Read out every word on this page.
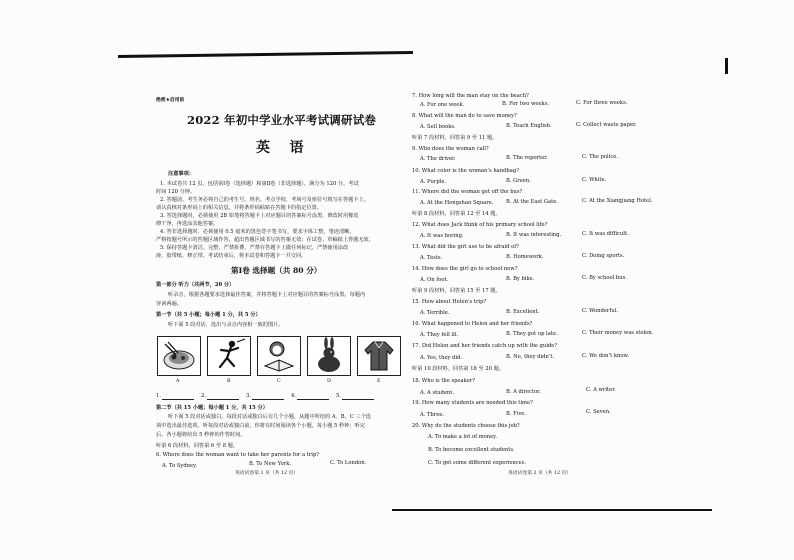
绝密★启用前
2022 年初中学业水平考试调研试卷
英    语
注意事项：
1. 本试卷共 12 页，包括第Ⅰ卷（选择题）和第Ⅱ卷（非选择题），满分为 120 分。考试
时间 120 分钟。
2. 答题前，考生务必将自己的考生号、姓名、考点学校、考场号及座位号填写在答题卡上。
请认真核对条形码上的相关信息，并将条形码粘贴在答题卡的指定位置。
3. 答选择题时，必须使用 2B 铅笔将答题卡上对应题目的答案标号涂黑，修改时用橡皮
擦干净，再选涂其他答案。
4. 答非选择题时，必须使用 0.5 毫米的黑色签字笔书写，要求字体工整，笔迹清晰。
严格按题号所示的答题区域作答，超出答题区域书写的答案无效；在试卷、草稿纸上答题无效。
5. 保持答题卡清洁、完整，严禁折叠，严禁在答题卡上做任何标记，严禁使用涂改
液、胶带纸、修正带。考试结束后，将本试卷和答题卡一并交回。
第Ⅰ卷 选择题（共 80 分）
第一部分 听力（共两节，20 分）
听录音，根据各题要求选择最佳答案，并将答题卡上对应题目的答案标号涂黑。每题内
容读两遍。
第一节（共 5 小题；每小题 1 分，共 5 分）
听下面 5 段对话，选出与录音内容相一致的图片。
A	B	C	D	E
1.	2.	3.	4.	5.
第二节（共 15 小题；每小题 1 分，共 15 分）
听下面 5 段对话或独白。每段对话或独白后有几个小题，从题中所给的 A、B、C 三个选
项中选出最佳选项。听每段对话或独白前，你将有时间阅读各个小题，每小题 5 秒钟；听完
后，各小题将给出 5 秒钟的作答时间。
听第 6 段材料，回答第 6 至 8 题。
6. Where does the woman want to take her parents for a trip?
A. To Sydney.	B. To New York.	C. To London.
英语试卷第 1 页（共 12 页）
7. How long will the man stay on the beach?
A. For one week.	B. For two weeks.	C. For three weeks.
8. What will the man do to save money?
A. Sell books.	B. Teach English.	C. Collect waste paper.
听第 7 段材料，回答第 9 至 11 题。
9. Who does the woman call?
A. The driver.	B. The reporter.	C. The police.
10. What color is the woman’s handbag?
A. Purple.	B. Green.	C. White.
11. Where did the woman get off the bus?
A. At the Hongshan Square. B. At the East Gate.	C. At the Xiangjiang Hotel.
听第 8 段材料，回答第 12 至 14 题。
12. What does Jack think of his primary school life?
A. It was boring.	B. It was interesting.	C. It was difficult.
13. What did the girl use to be afraid of?
A. Tests.	B. Homework.	C. Doing sports.
14. How does the girl go to school now?
A. On foot.	B. By bike.	C. By school bus.
听第 9 段材料，回答第 15 至 17 题。
15. How about Helen’s trip?
A. Terrible.	B. Excellent.	C. Wonderful.
16. What happened to Helen and her friends?
A. They fell ill.	B. They got up late.	C. Their money was stolen.
17. Did Helen and her friends catch up with the guide?
A. Yes, they did.	B. No, they didn’t.	C. We don’t know.
听第 10 段材料，回答第 18 至 20 题。
18. Who is the speaker?
A. A student.	B. A director.	C. A writer.
19. How many students are needed this time?
A. Three.	B. Five.	C. Seven.
20. Why do the students choose this job?
A. To make a lot of money.
B. To become excellent students.
C. To get some different experiences.
英语试卷第 2 页（共 12 页）
